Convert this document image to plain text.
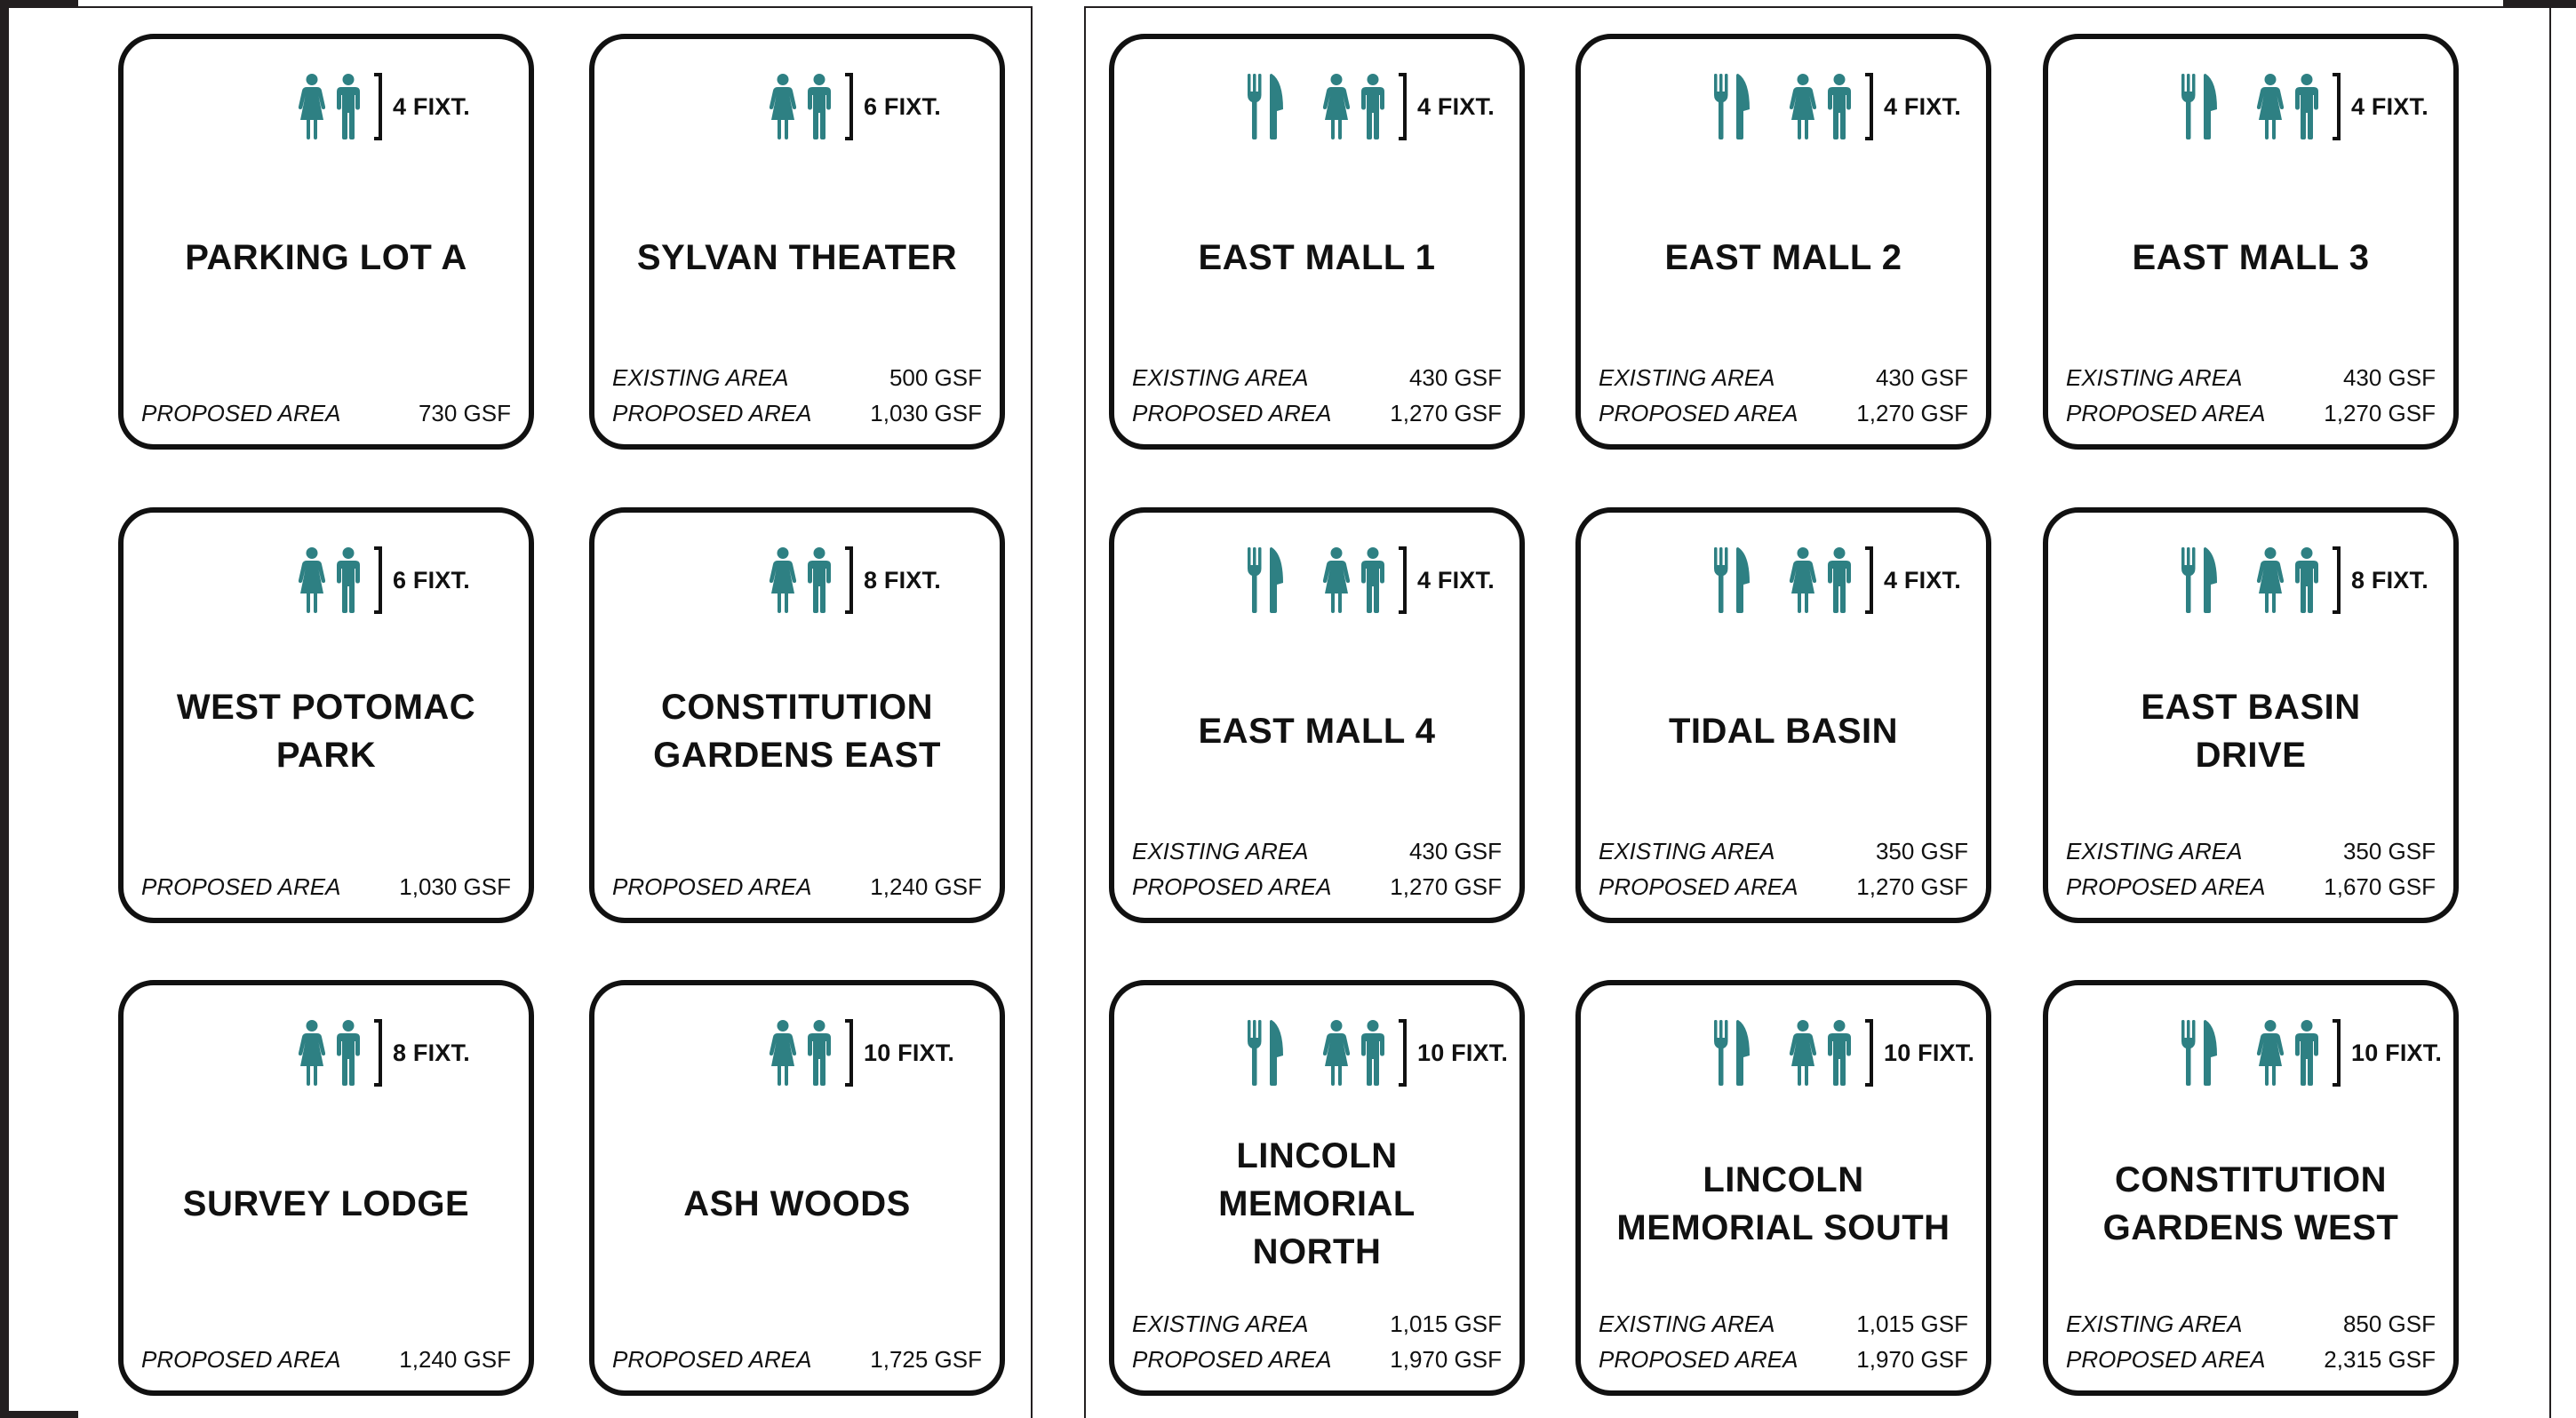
4 FIXT.
PARKING LOT A
PROPOSED AREA	730 GSF
6 FIXT.
SYLVAN THEATER
EXISTING AREA	500 GSF
PROPOSED AREA	1,030 GSF
4 FIXT.
EAST MALL 1
EXISTING AREA	430 GSF
PROPOSED AREA	1,270 GSF
4 FIXT.
EAST MALL 2
EXISTING AREA	430 GSF
PROPOSED AREA	1,270 GSF
4 FIXT.
EAST MALL 3
EXISTING AREA	430 GSF
PROPOSED AREA	1,270 GSF
6 FIXT.
WEST POTOMAC PARK
PROPOSED AREA	1,030 GSF
8 FIXT.
CONSTITUTION GARDENS EAST
PROPOSED AREA	1,240 GSF
4 FIXT.
EAST MALL 4
EXISTING AREA	430 GSF
PROPOSED AREA	1,270 GSF
4 FIXT.
TIDAL BASIN
EXISTING AREA	350 GSF
PROPOSED AREA	1,270 GSF
8 FIXT.
EAST BASIN DRIVE
EXISTING AREA	350 GSF
PROPOSED AREA	1,670 GSF
8 FIXT.
SURVEY LODGE
PROPOSED AREA	1,240 GSF
10 FIXT.
ASH WOODS
PROPOSED AREA	1,725 GSF
10 FIXT.
LINCOLN MEMORIAL NORTH
EXISTING AREA	1,015 GSF
PROPOSED AREA	1,970 GSF
10 FIXT.
LINCOLN MEMORIAL SOUTH
EXISTING AREA	1,015 GSF
PROPOSED AREA	1,970 GSF
10 FIXT.
CONSTITUTION GARDENS WEST
EXISTING AREA	850 GSF
PROPOSED AREA	2,315 GSF
